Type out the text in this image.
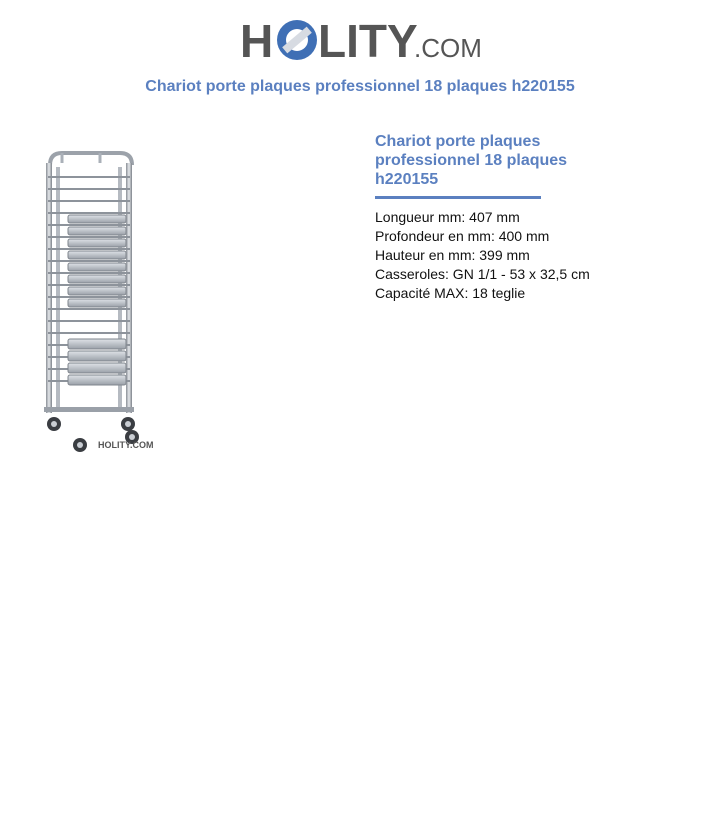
H LITY
.COM
Chariot porte plaques professionnel 18 plaques h220155
HOLITY.COM
Chariot porte plaques professionnel 18 plaques h220155
Longueur mm: 407 mm
Profondeur en mm: 400 mm
Hauteur en mm: 399 mm
Casseroles: GN 1/1 - 53 x 32,5 cm
Capacité MAX: 18 teglie
